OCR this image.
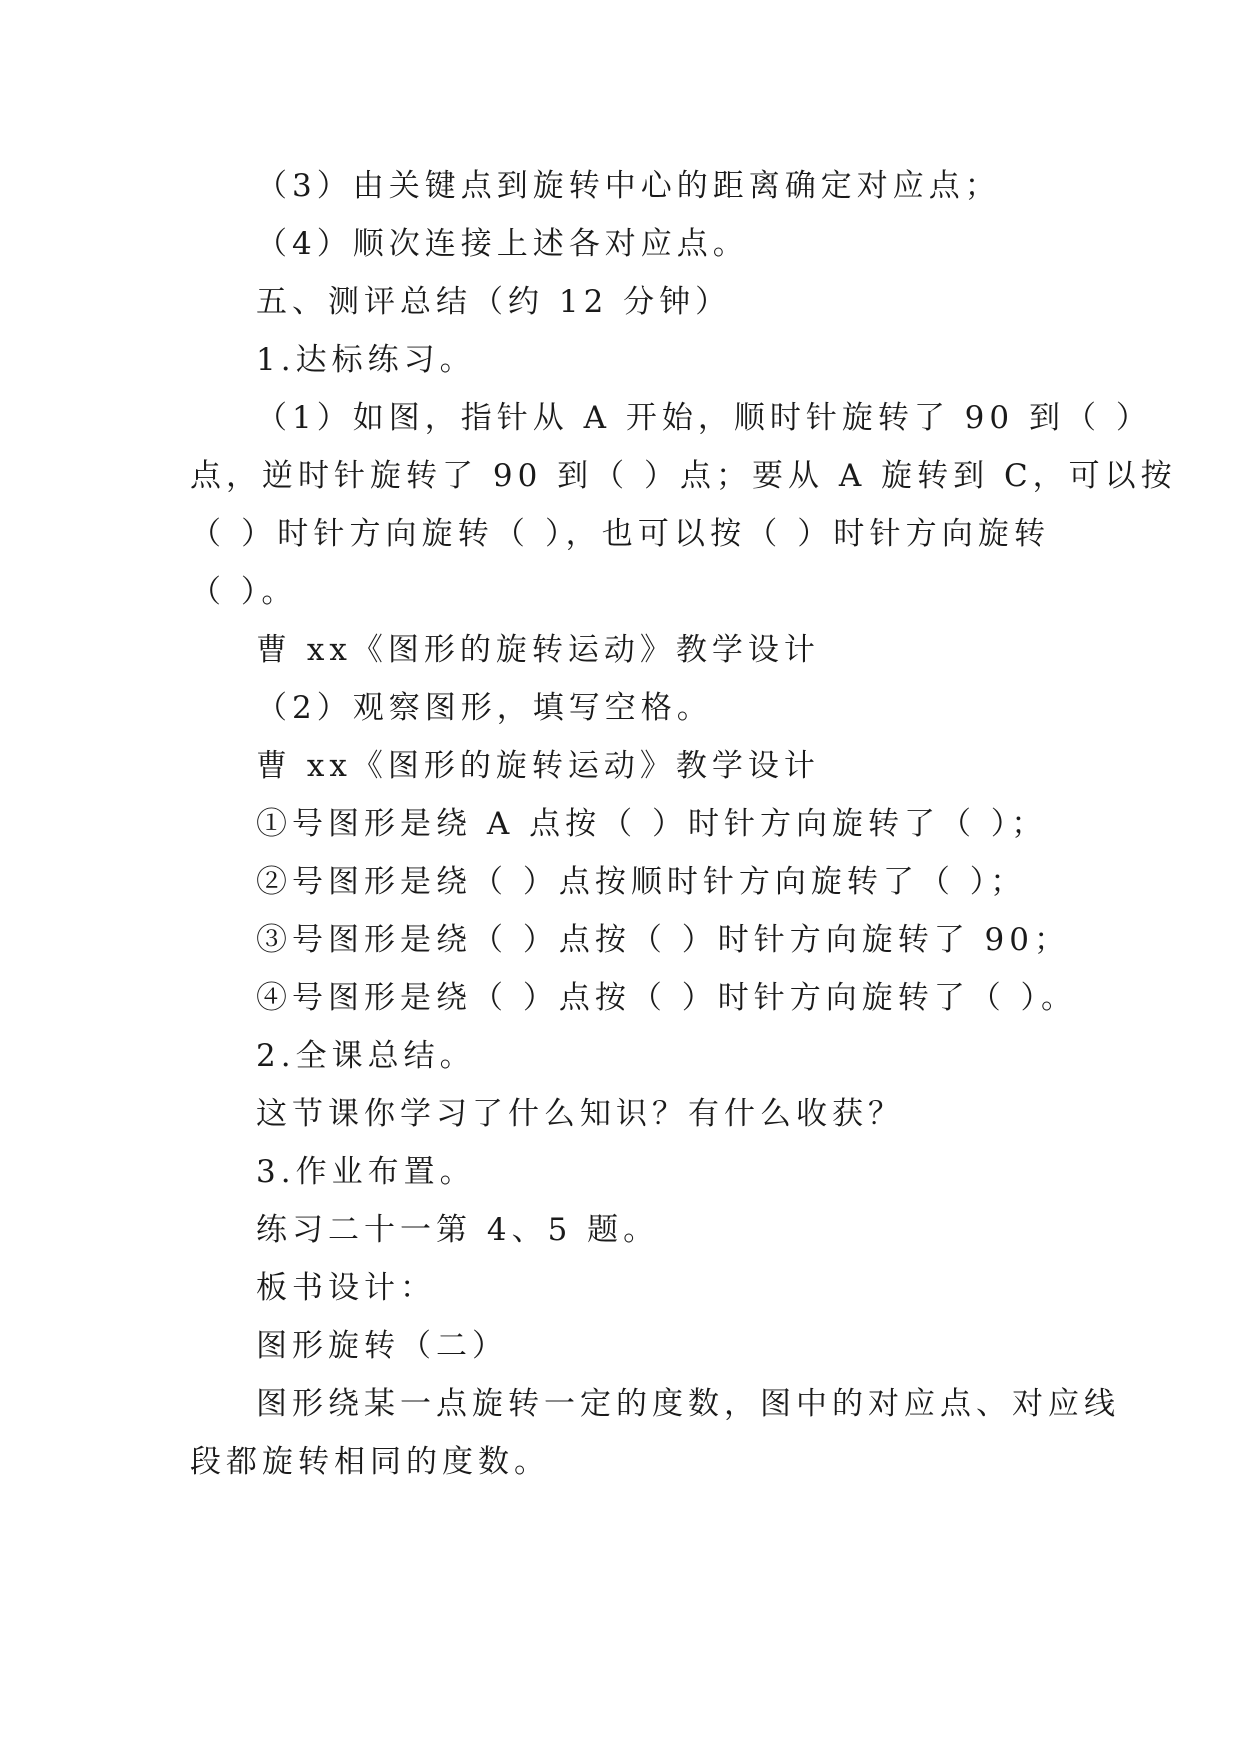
（3）由关键点到旋转中心的距离确定对应点；
（4）顺次连接上述各对应点。
五、测评总结（约 12 分钟）
1.达标练习。
（1）如图，指针从 A 开始，顺时针旋转了 90 到（ ）
点，逆时针旋转了 90 到（ ）点；要从 A 旋转到 C，可以按
（ ）时针方向旋转（ ），也可以按（ ）时针方向旋转
（ ）。
曹 xx《图形的旋转运动》教学设计
（2）观察图形，填写空格。
曹 xx《图形的旋转运动》教学设计
①号图形是绕 A 点按（ ）时针方向旋转了（ ）；
②号图形是绕（ ）点按顺时针方向旋转了（ ）；
③号图形是绕（ ）点按（ ）时针方向旋转了 90；
④号图形是绕（ ）点按（ ）时针方向旋转了（ ）。
2.全课总结。
这节课你学习了什么知识？有什么收获？
3.作业布置。
练习二十一第 4、5 题。
板书设计：
图形旋转（二）
图形绕某一点旋转一定的度数，图中的对应点、对应线
段都旋转相同的度数。
